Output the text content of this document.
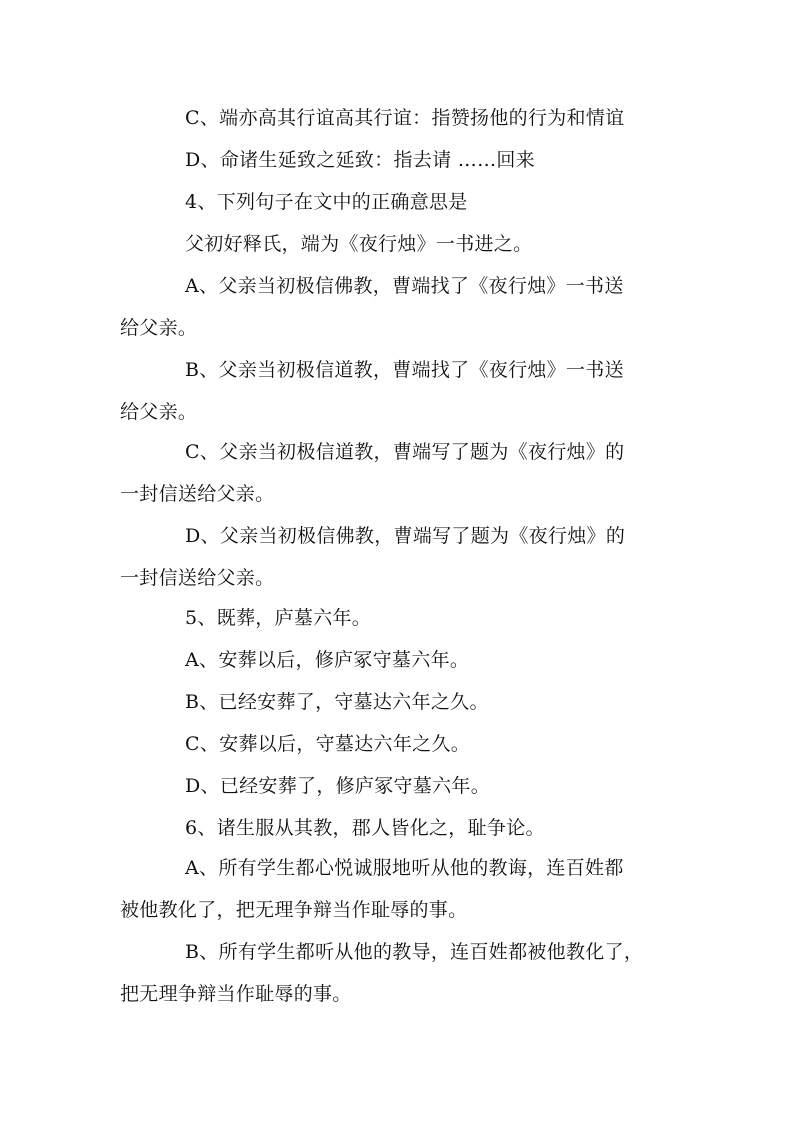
C、端亦高其行谊高其行谊：指赞扬他的行为和情谊
D、命诸生延致之延致：指去请 ……回来
4、下列句子在文中的正确意思是
父初好释氏，端为《夜行烛》一书进之。
A、父亲当初极信佛教，曹端找了《夜行烛》一书送
给父亲。
B、父亲当初极信道教，曹端找了《夜行烛》一书送
给父亲。
C、父亲当初极信道教，曹端写了题为《夜行烛》的
一封信送给父亲。
D、父亲当初极信佛教，曹端写了题为《夜行烛》的
一封信送给父亲。
5、既葬，庐墓六年。
A、安葬以后，修庐冢守墓六年。
B、已经安葬了，守墓达六年之久。
C、安葬以后，守墓达六年之久。
D、已经安葬了，修庐冢守墓六年。
6、诸生服从其教，郡人皆化之，耻争论。
A、所有学生都心悦诚服地听从他的教诲，连百姓都
被他教化了，把无理争辩当作耻辱的事。
B、所有学生都听从他的教导，连百姓都被他教化了，
把无理争辩当作耻辱的事。
